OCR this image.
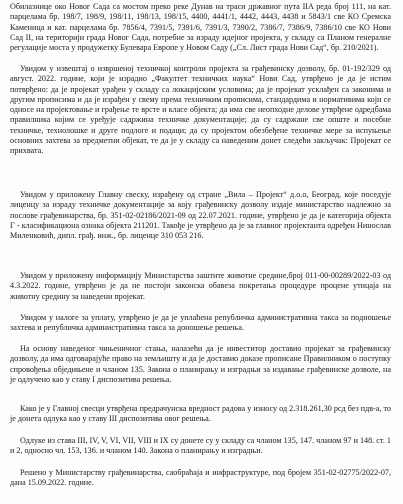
Обилазнице око Новог Сада са мостом преко реке Дунав на траси државног пута IIA реда број 111, на кат. парцелама бр. 198/7, 198/9, 198/11, 198/13, 198/15, 4400, 4441/1, 4442, 4443, 4438 и 5843/1 све КО Сремска Каменица и кат. парцелама бр. 7856/4, 7391/5, 7391/6, 7391/3, 7390/2, 7386/7, 7386/9, 7386/10 све КО Нови Сад II, на територији града Новог Сада, потребне за израду идејног пројекта, у складу са Планом генералне регулације моста у продужетку Булевара Европе у Новом Саду („Сл. Лист града Нови Сад“, бр. 210/2021).
Увидом у извештај о извршеној техничкој контроли пројекта за грађевинску дозволу, бр. 01-192/329 од август. 2022. године, који је израдио „Факултет техничких наука“ Нови Сад, утврђено је да је истим потврђено: да је пројекат урађен у складу са локацијским условима; да је пројекат усклађен са законима и другим прописима и да је израђен у свему према техничким прописима, стандардима и нормативима који се односе на пројектовање и грађење те врсте и класе објекта; да има све неопходне делове утврђене одредбама правилника којим се уређује садржина техничке документације; да су садржане све опште и посебне техничке, технолошке и друге подлоге и подаци; да су пројектом обезбеђене техничке мере за испуњење основних захтева за предметни објекат, те да је у складу са наведеним донет следећи закључак: Пројекат се прихвата.
Увидом у приложену Главну свеску, израђену од стране „Вила – Пројект“ д.о.о, Београд, које поседује лиценцу за израду техничке документације за коју грађевинску дозволу издаје министарство надлежно за послове грађевинарства, бр. 351-02-02186/2021-09 од 22.07.2021. године, утврђено је да је категорија објекта Г - класификациона ознака објекта 211201. Такође је утврђено да је за главног пројектанта одређен Нинослав Миленковић, дипл. грађ. инж., бр. лиценце 310 053 216.
Увидом у приложену информацију Министарства заштите животне средине,број 011-00-00289/2022-03 од 4.3.2022. године, утврђено је да не постоји законска обавеза покретања процедуре процене утицаја на животну средину за наведени пројекат.
Увидом у налоге за уплату, утврђено је да је уплаћена републичка административна такса за подношење захтева и републичка административна такса за доношење решења.
На основу наведеног чињеничног стања, налазећи да је инвеститор доставио пројекат за грађевинску дозволу, да има одговарајуће право на земљишту и да је доставио доказе прописане Правилником о поступку спровођења обједињене и чланом 135. Закона о планирању и изградњи за издавање грађевинске дозволе, на је одлучено као у ставу I диспозитива решења.
Како је у Главној свесци утврђена предрачунска вредност радова у износу од 2.318.261,30 рсд без пдв-а, то је донета одлука као у ставу III диспозитива овог решења.
Одлуке из става III, IV, V, VI, VII, VIII и IX су донете су у складу са чланом 135, 147. чланом 97 и 148. ст. 1 и 2, односно чл. 153, 136. и чланом 140. Закона о планирању и изградњи.
Решено у Министарству грађевинарства, саобраћаја и инфраструктуре, под бројем 351-02-02775/2022-07, дана 15.09.2022. године.
